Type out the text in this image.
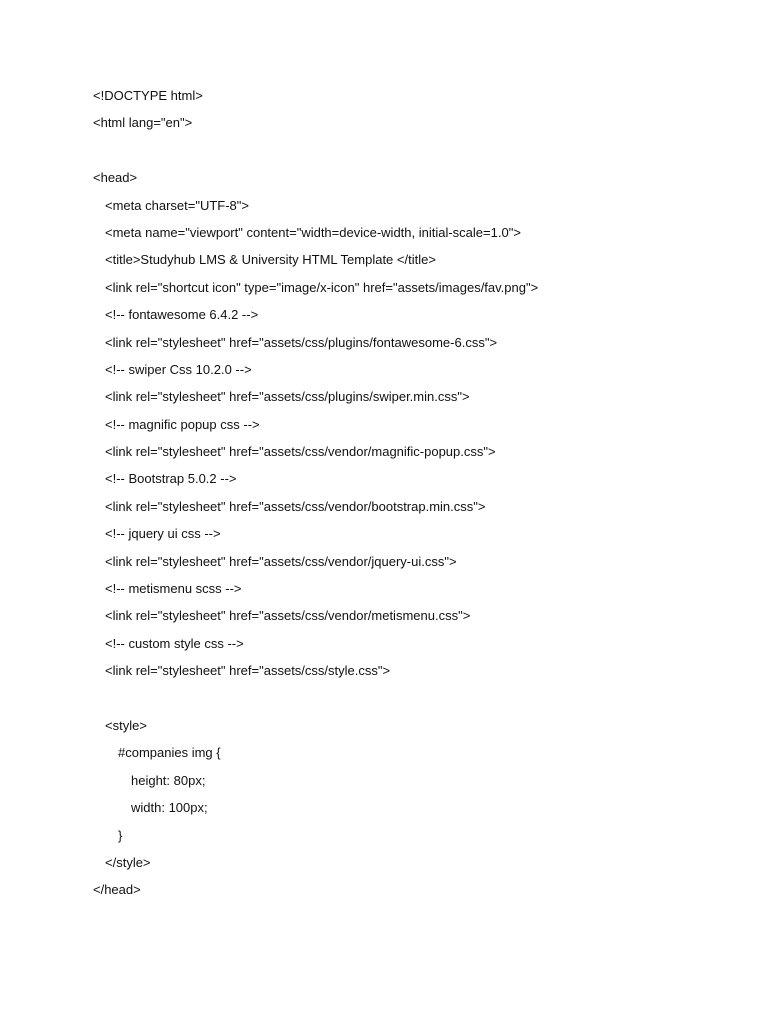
<!DOCTYPE html>
<html lang="en">
<head>
<meta charset="UTF-8">
<meta name="viewport" content="width=device-width, initial-scale=1.0">
<title>Studyhub LMS & University HTML Template </title>
<link rel="shortcut icon" type="image/x-icon" href="assets/images/fav.png">
<!-- fontawesome 6.4.2 -->
<link rel="stylesheet" href="assets/css/plugins/fontawesome-6.css">
<!-- swiper Css 10.2.0 -->
<link rel="stylesheet" href="assets/css/plugins/swiper.min.css">
<!-- magnific popup css -->
<link rel="stylesheet" href="assets/css/vendor/magnific-popup.css">
<!-- Bootstrap 5.0.2 -->
<link rel="stylesheet" href="assets/css/vendor/bootstrap.min.css">
<!-- jquery ui css -->
<link rel="stylesheet" href="assets/css/vendor/jquery-ui.css">
<!-- metismenu scss -->
<link rel="stylesheet" href="assets/css/vendor/metismenu.css">
<!-- custom style css -->
<link rel="stylesheet" href="assets/css/style.css">
<style>
#companies img {
height: 80px;
width: 100px;
}
</style>
</head>
